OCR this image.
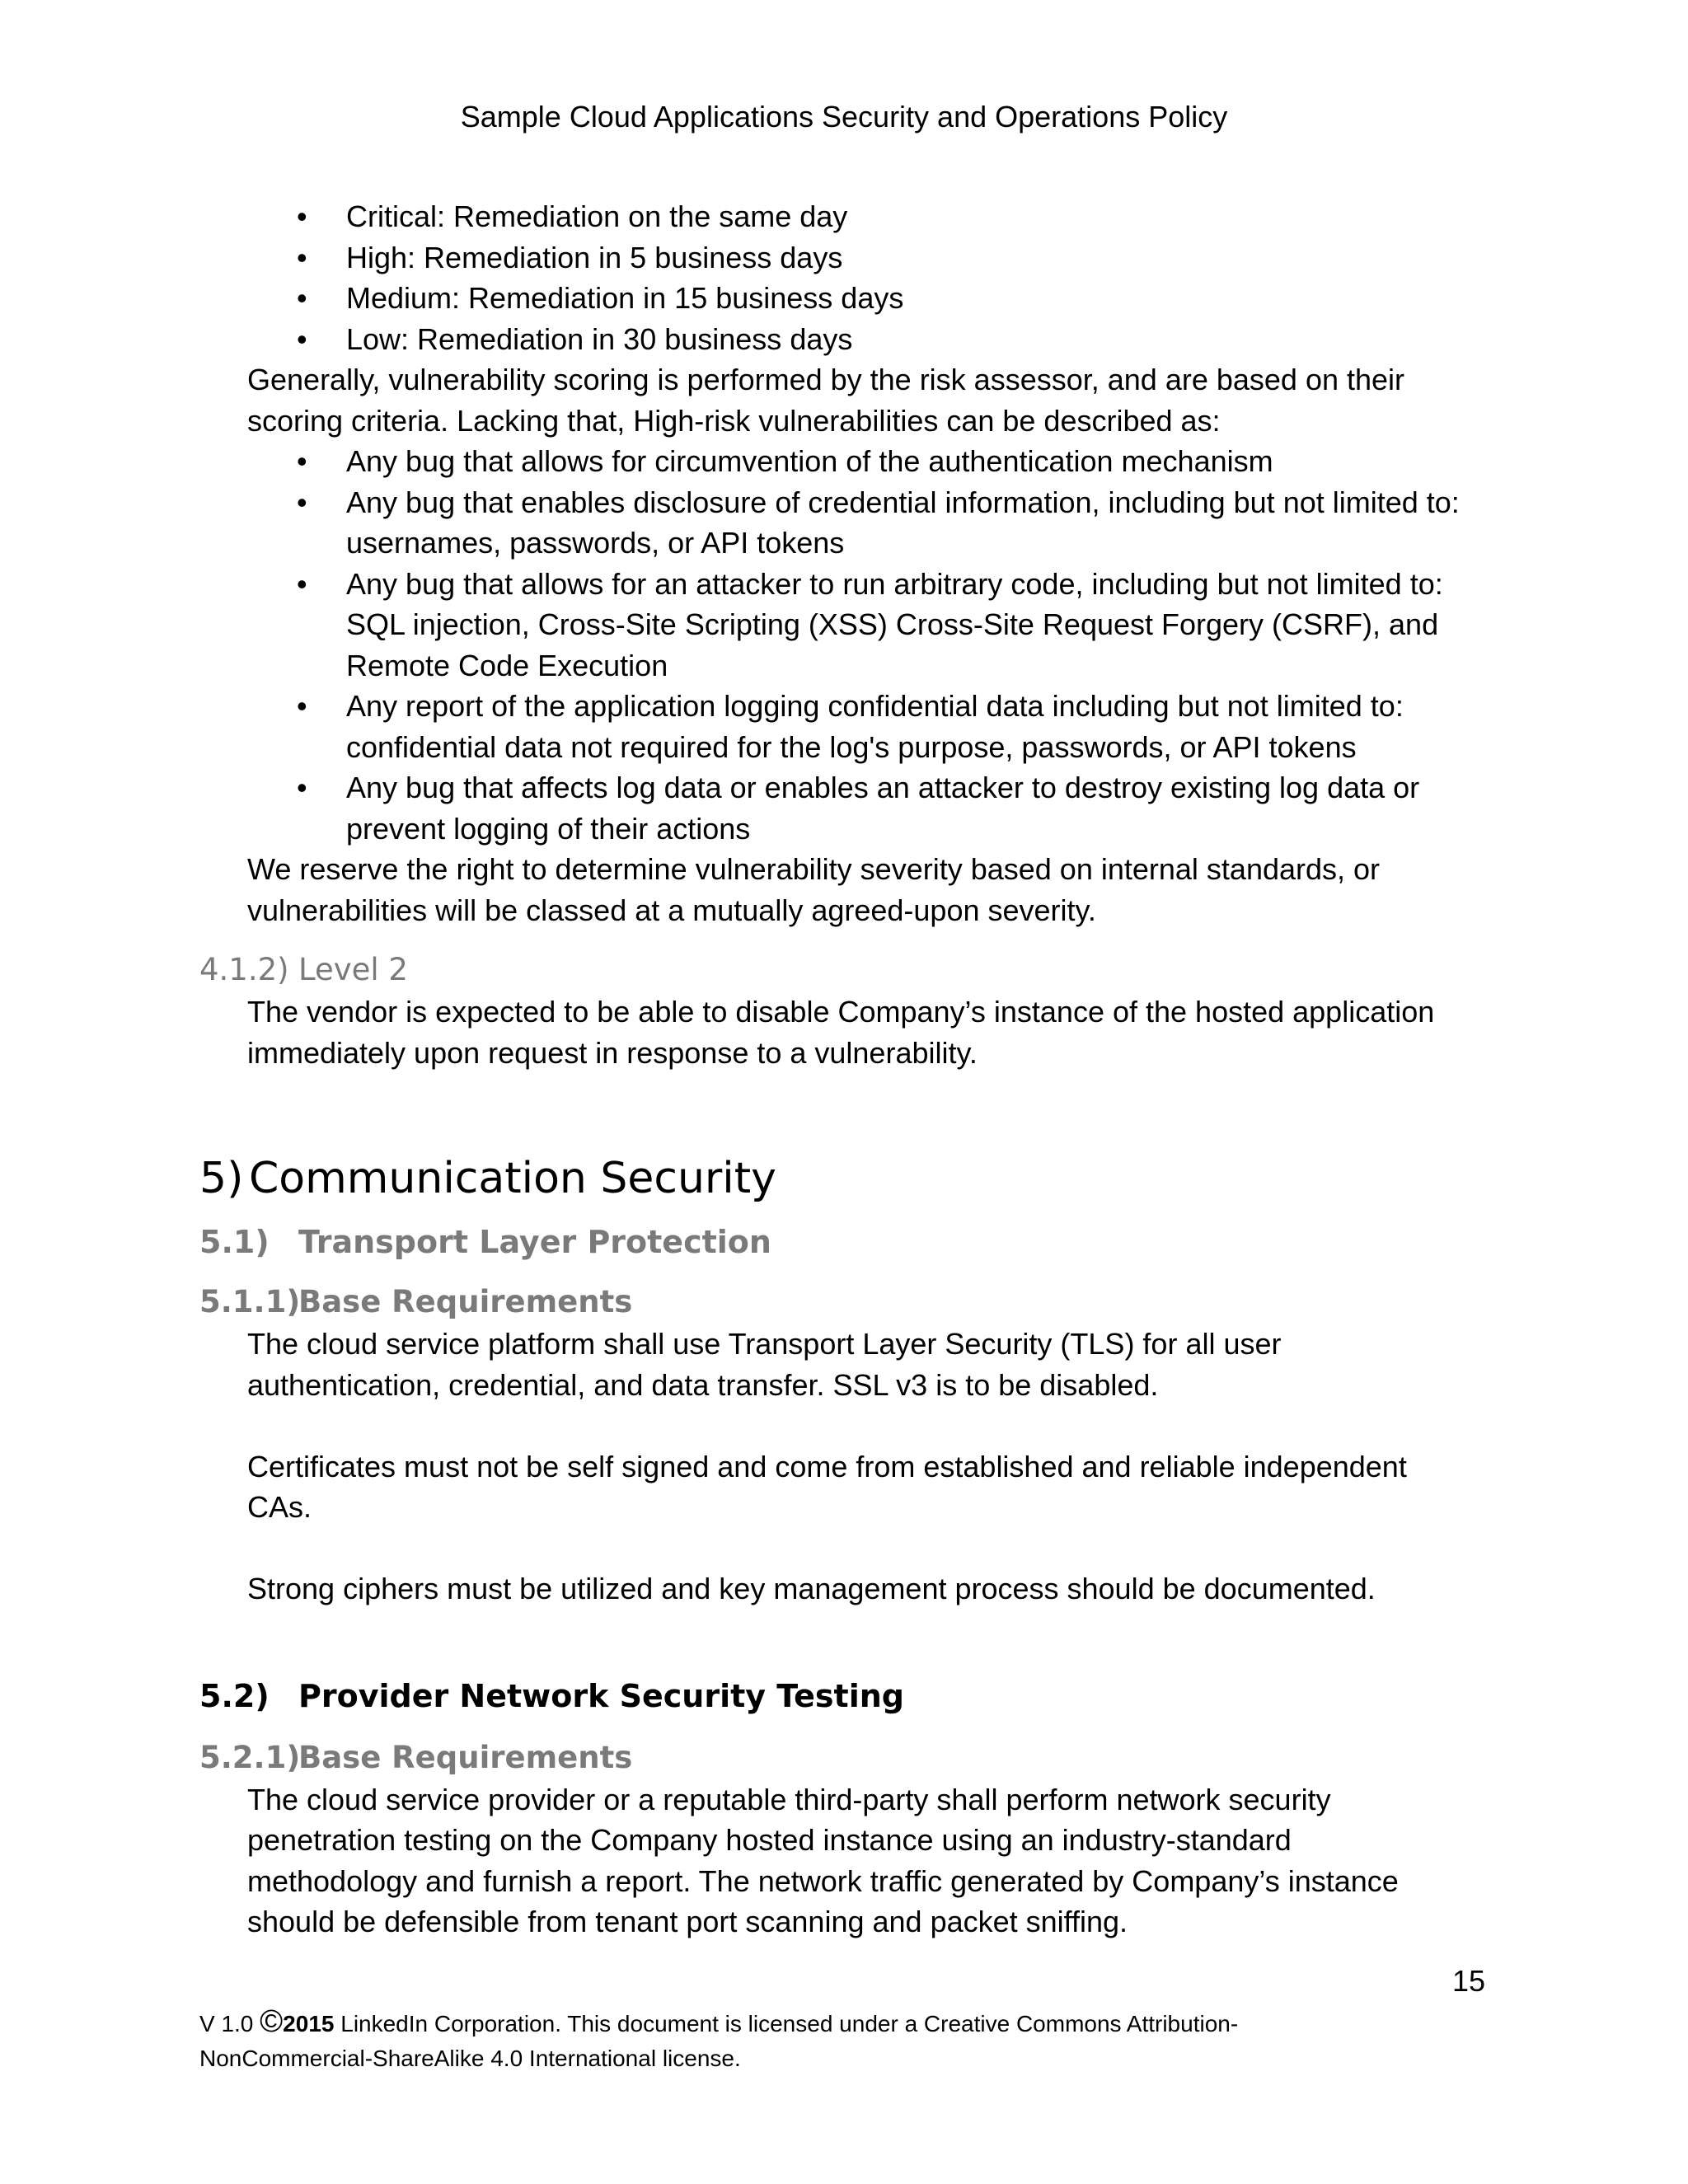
Sample Cloud Applications Security and Operations Policy
• Critical: Remediation on the same day
• High: Remediation in 5 business days
• Medium: Remediation in 15 business days
• Low: Remediation in 30 business days
Generally, vulnerability scoring is performed by the risk assessor, and are based on their
scoring criteria. Lacking that, High-risk vulnerabilities can be described as:
• Any bug that allows for circumvention of the authentication mechanism
• Any bug that enables disclosure of credential information, including but not limited to:
usernames, passwords, or API tokens
• Any bug that allows for an attacker to run arbitrary code, including but not limited to:
SQL injection, Cross-Site Scripting (XSS) Cross-Site Request Forgery (CSRF), and
Remote Code Execution
• Any report of the application logging confidential data including but not limited to:
confidential data not required for the log's purpose, passwords, or API tokens
• Any bug that affects log data or enables an attacker to destroy existing log data or
prevent logging of their actions
We reserve the right to determine vulnerability severity based on internal standards, or
vulnerabilities will be classed at a mutually agreed-upon severity.
4.1.2) Level 2
The vendor is expected to be able to disable Company’s instance of the hosted application
immediately upon request in response to a vulnerability.
5) Communication Security
5.1) Transport Layer Protection
5.1.1)Base Requirements
The cloud service platform shall use Transport Layer Security (TLS) for all user
authentication, credential, and data transfer. SSL v3 is to be disabled.
Certificates must not be self signed and come from established and reliable independent
CAs.
Strong ciphers must be utilized and key management process should be documented.
5.2) Provider Network Security Testing
5.2.1)Base Requirements
The cloud service provider or a reputable third-party shall perform network security
penetration testing on the Company hosted instance using an industry-standard
methodology and furnish a report. The network traffic generated by Company’s instance
should be defensible from tenant port scanning and packet sniffing.
15
V 1.0 ©2015 LinkedIn Corporation. This document is licensed under a Creative Commons Attribution-
NonCommercial-ShareAlike 4.0 International license.
